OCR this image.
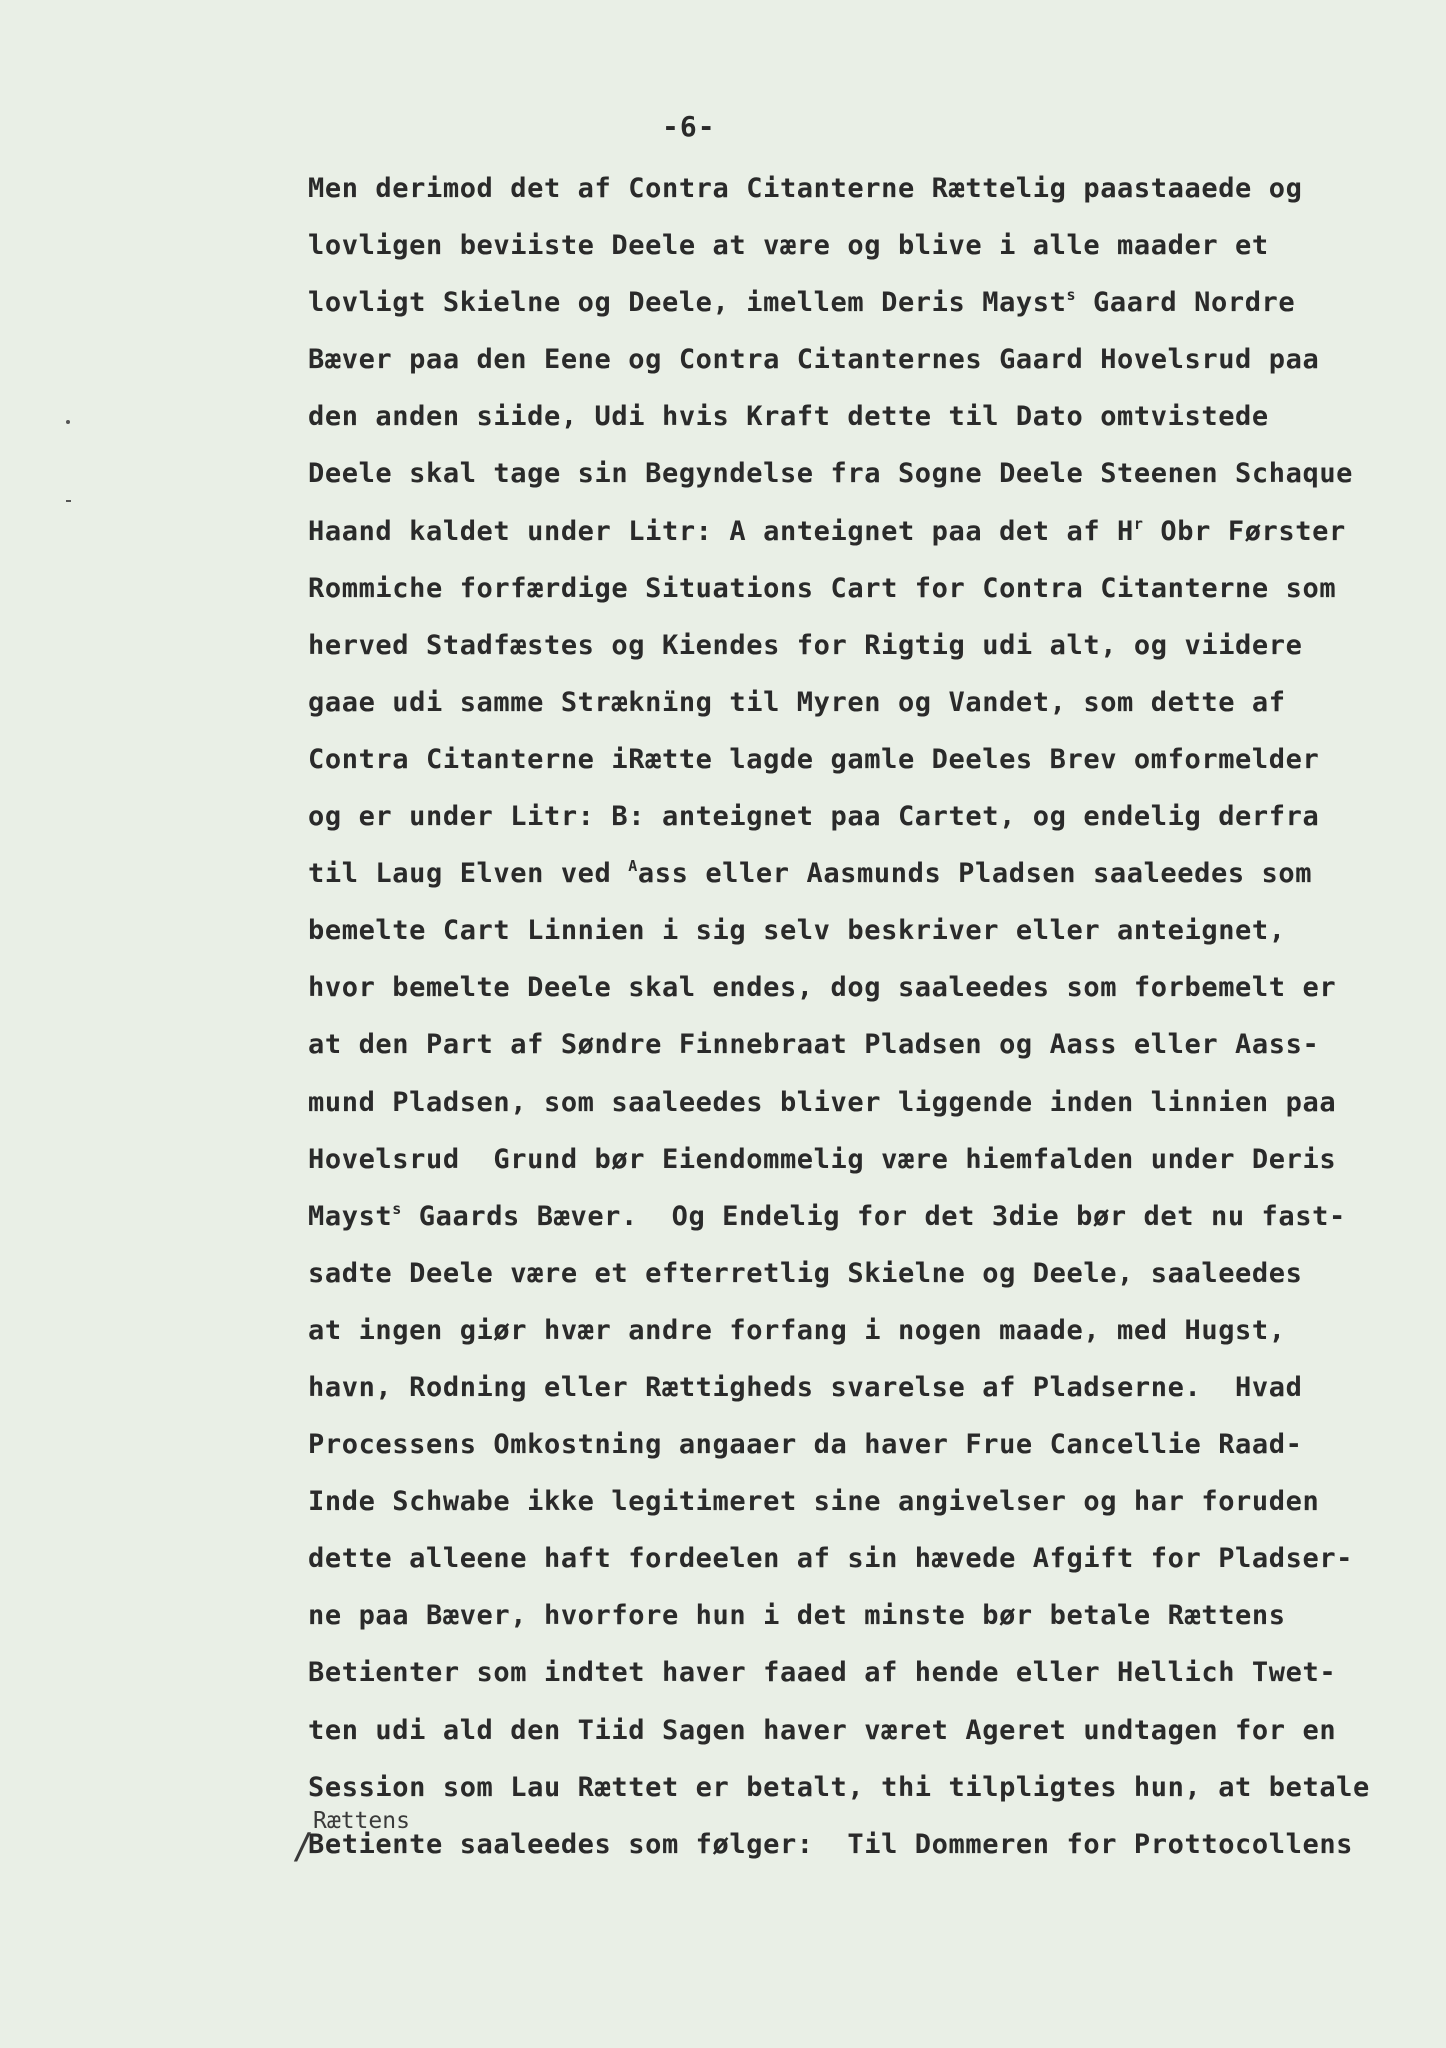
-6-
Men derimod det af Contra Citanterne Rættelig paastaaede og
lovligen beviiste Deele at være og blive i alle maader et
lovligt Skielne og Deele, imellem Deris Mayst$^s$ Gaard Nordre
Bæver paa den Eene og Contra Citanternes Gaard Hovelsrud paa
den anden siide, Udi hvis Kraft dette til Dato omtvistede
Deele skal tage sin Begyndelse fra Sogne Deele Steenen Schaque
Haand kaldet under Litr: A anteignet paa det af $H^r$ Obr Førster
Rommiche forfærdige Situations Cart for Contra Citanterne som
herved Stadfæstes og Kiendes for Rigtig udi alt, og viidere
gaae udi samme Stræknïng til Myren og Vandet, som dette af
Contra Citanterne iRætte lagde gamle Deeles Brev omformelder
og er under Litr: B: anteignet paa Cartet, og endelig derfra
til Laug Elven ved $^A$ass eller Aasmunds Pladsen saaleedes som
bemelte Cart Linnien i sig selv beskriver eller anteignet,
hvor bemelte Deele skal endes, dog saaleedes som forbemelt er
at den Part af Søndre Finnebraat Pladsen og Aass eller Aass-
mund Pladsen, som saaleedes bliver liggende inden linnien paa
Hovelsrud  Grund bør Eiendommelig være hiemfalden under Deris
Mayst$^s$ Gaards Bæver.  Og Endelig for det 3die bør det nu fast-
sadte Deele være et efterretlig Skielne og Deele, saaleedes
at ingen giør hvær andre forfang i nogen maade, med Hugst,
havn, Rodning eller Rættigheds svarelse af Pladserne.  Hvad
Processens Omkostning angaaer da haver Frue Cancellie Raad-
Inde Schwabe ikke legitimeret sine angivelser og har foruden
dette alleene haft fordeelen af sin hævede Afgift for Pladser-
ne paa Bæver, hvorfore hun i det minste bør betale Rættens
Betienter som indtet haver faaed af hende eller Hellich Twet-
ten udi ald den Tiid Sagen haver været Ageret undtagen for en
Session som Lau Rættet er betalt, thi tilpligtes hun, at betale
Betiente saaleedes som følger:  Til Dommeren for Prottocollens
Rættens
/
